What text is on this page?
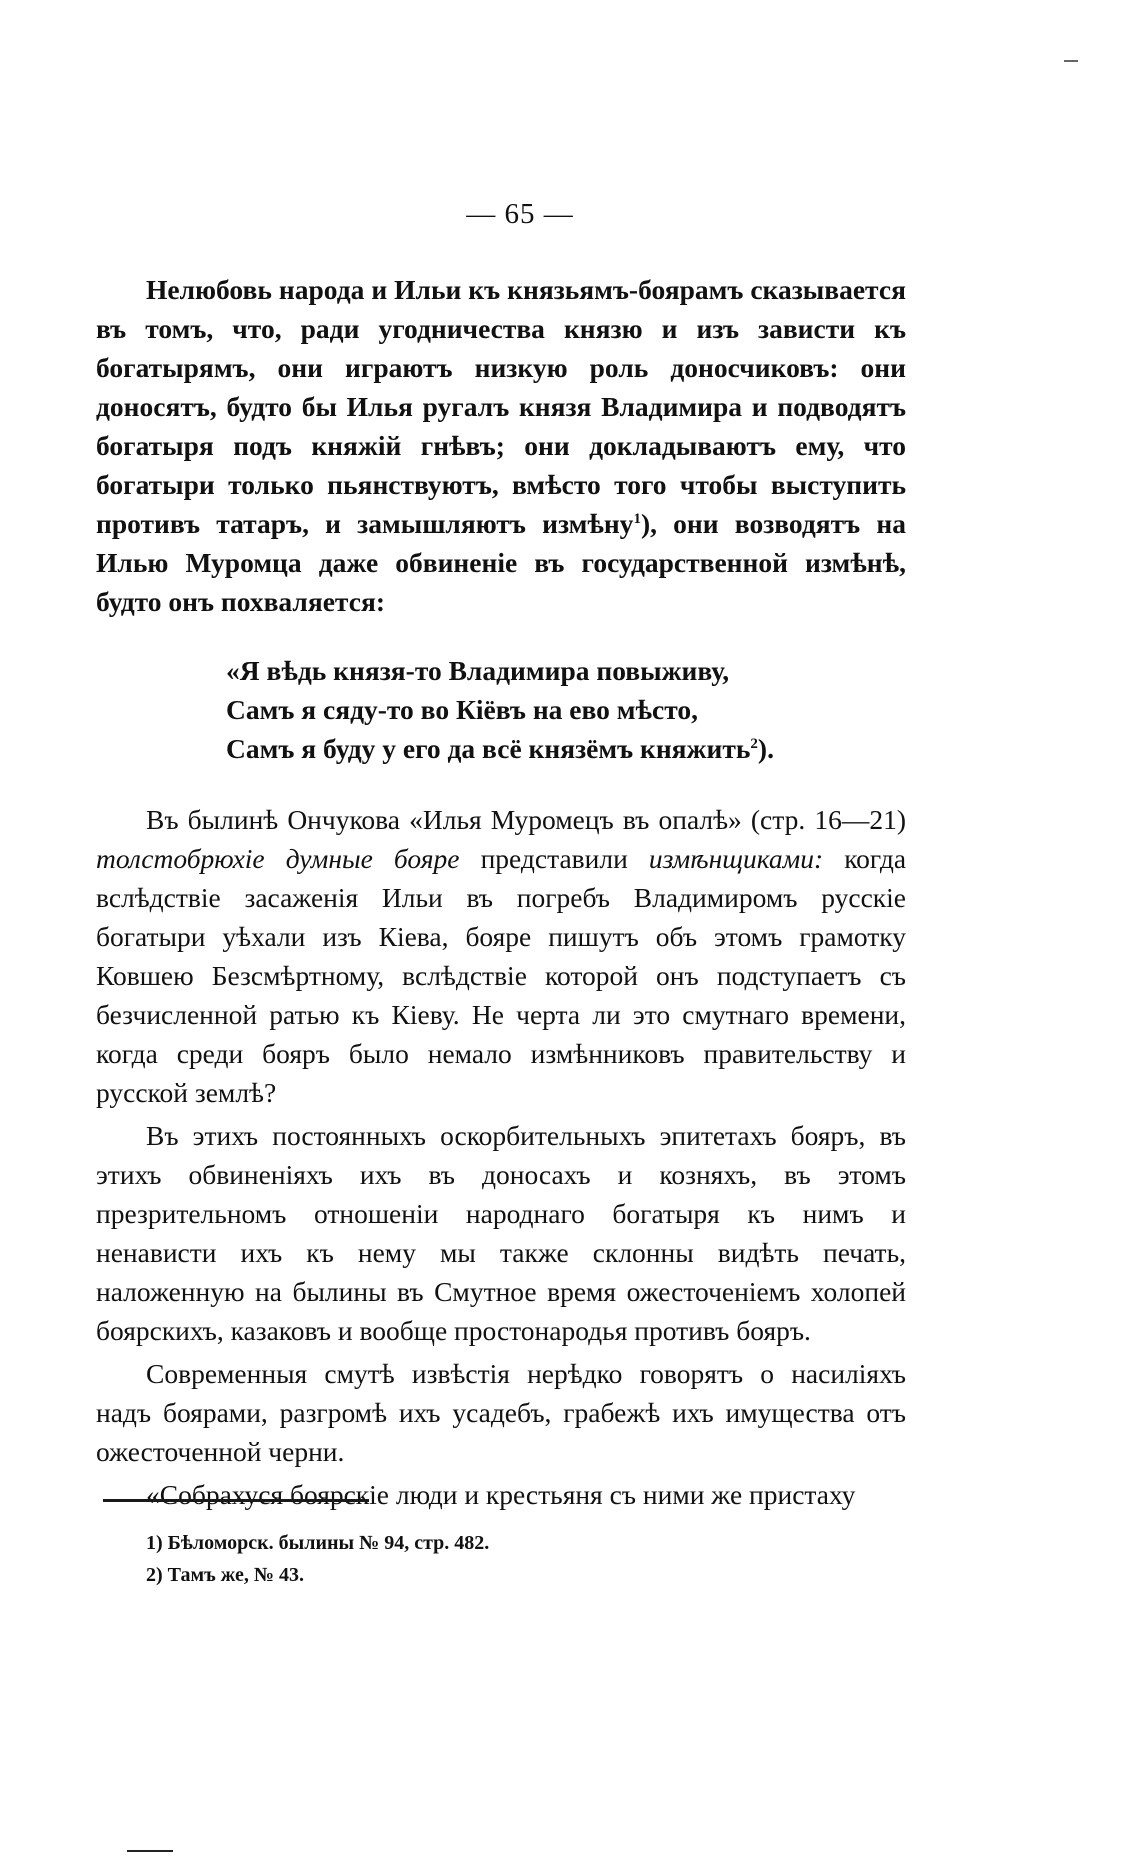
— 65 —

Нелюбовь народа и Ильи къ князьямъ-боярамъ сказывается въ томъ, что, ради угодничества князю и изъ зависти къ богатырямъ, они играютъ низкую роль доносчиковъ: они доносятъ, будто бы Илья ругалъ князя Владимира и подводятъ богатыря подъ княжій гнѣвъ; они докладываютъ ему, что богатыри только пьянствуютъ, вмѣсто того чтобы выступить противъ татаръ, и замышляютъ измѣну$^1$), они возводятъ на Илью Муромца даже обвиненіе въ государственной измѣнѣ, будто онъ похваляется:

«Я вѣдь князя-то Владимира повыживу,
Самъ я сяду-то во Кіёвъ на ево мѣсто,
Самъ я буду у его да всё князёмъ княжить$^2$).

Въ былинѣ Ончукова «Илья Муромецъ въ опалѣ» (стр. 16—21) толстобрюхіе думные бояре представили измѣнщиками: когда вслѣдствіе засаженія Ильи въ погребъ Владимиромъ русскіе богатыри уѣхали изъ Кіева, бояре пишутъ объ этомъ грамотку Ковшею Безсмѣртному, вслѣдствіе которой онъ подступаетъ съ безчисленной ратью къ Кіеву. Не черта ли это смутнаго времени, когда среди бояръ было немало измѣнниковъ правительству и русской землѣ?

Въ этихъ постоянныхъ оскорбительныхъ эпитетахъ бояръ, въ этихъ обвиненіяхъ ихъ въ доносахъ и козняхъ, въ этомъ презрительномъ отношеніи народнаго богатыря къ нимъ и ненависти ихъ къ нему мы также склонны видѣть печать, наложенную на былины въ Смутное время ожесточеніемъ холопей боярскихъ, казаковъ и вообще простонародья противъ бояръ.

Современныя смутѣ извѣстія нерѣдко говорятъ о насиліяхъ надъ боярами, разгромѣ ихъ усадебъ, грабежѣ ихъ имущества отъ ожесточенной черни.

«Собрахуся боярскіе люди и крестьяня съ ними же пристаху

1) Бѣломорск. былины № 94, стр. 482.
2) Тамъ же, № 43.
